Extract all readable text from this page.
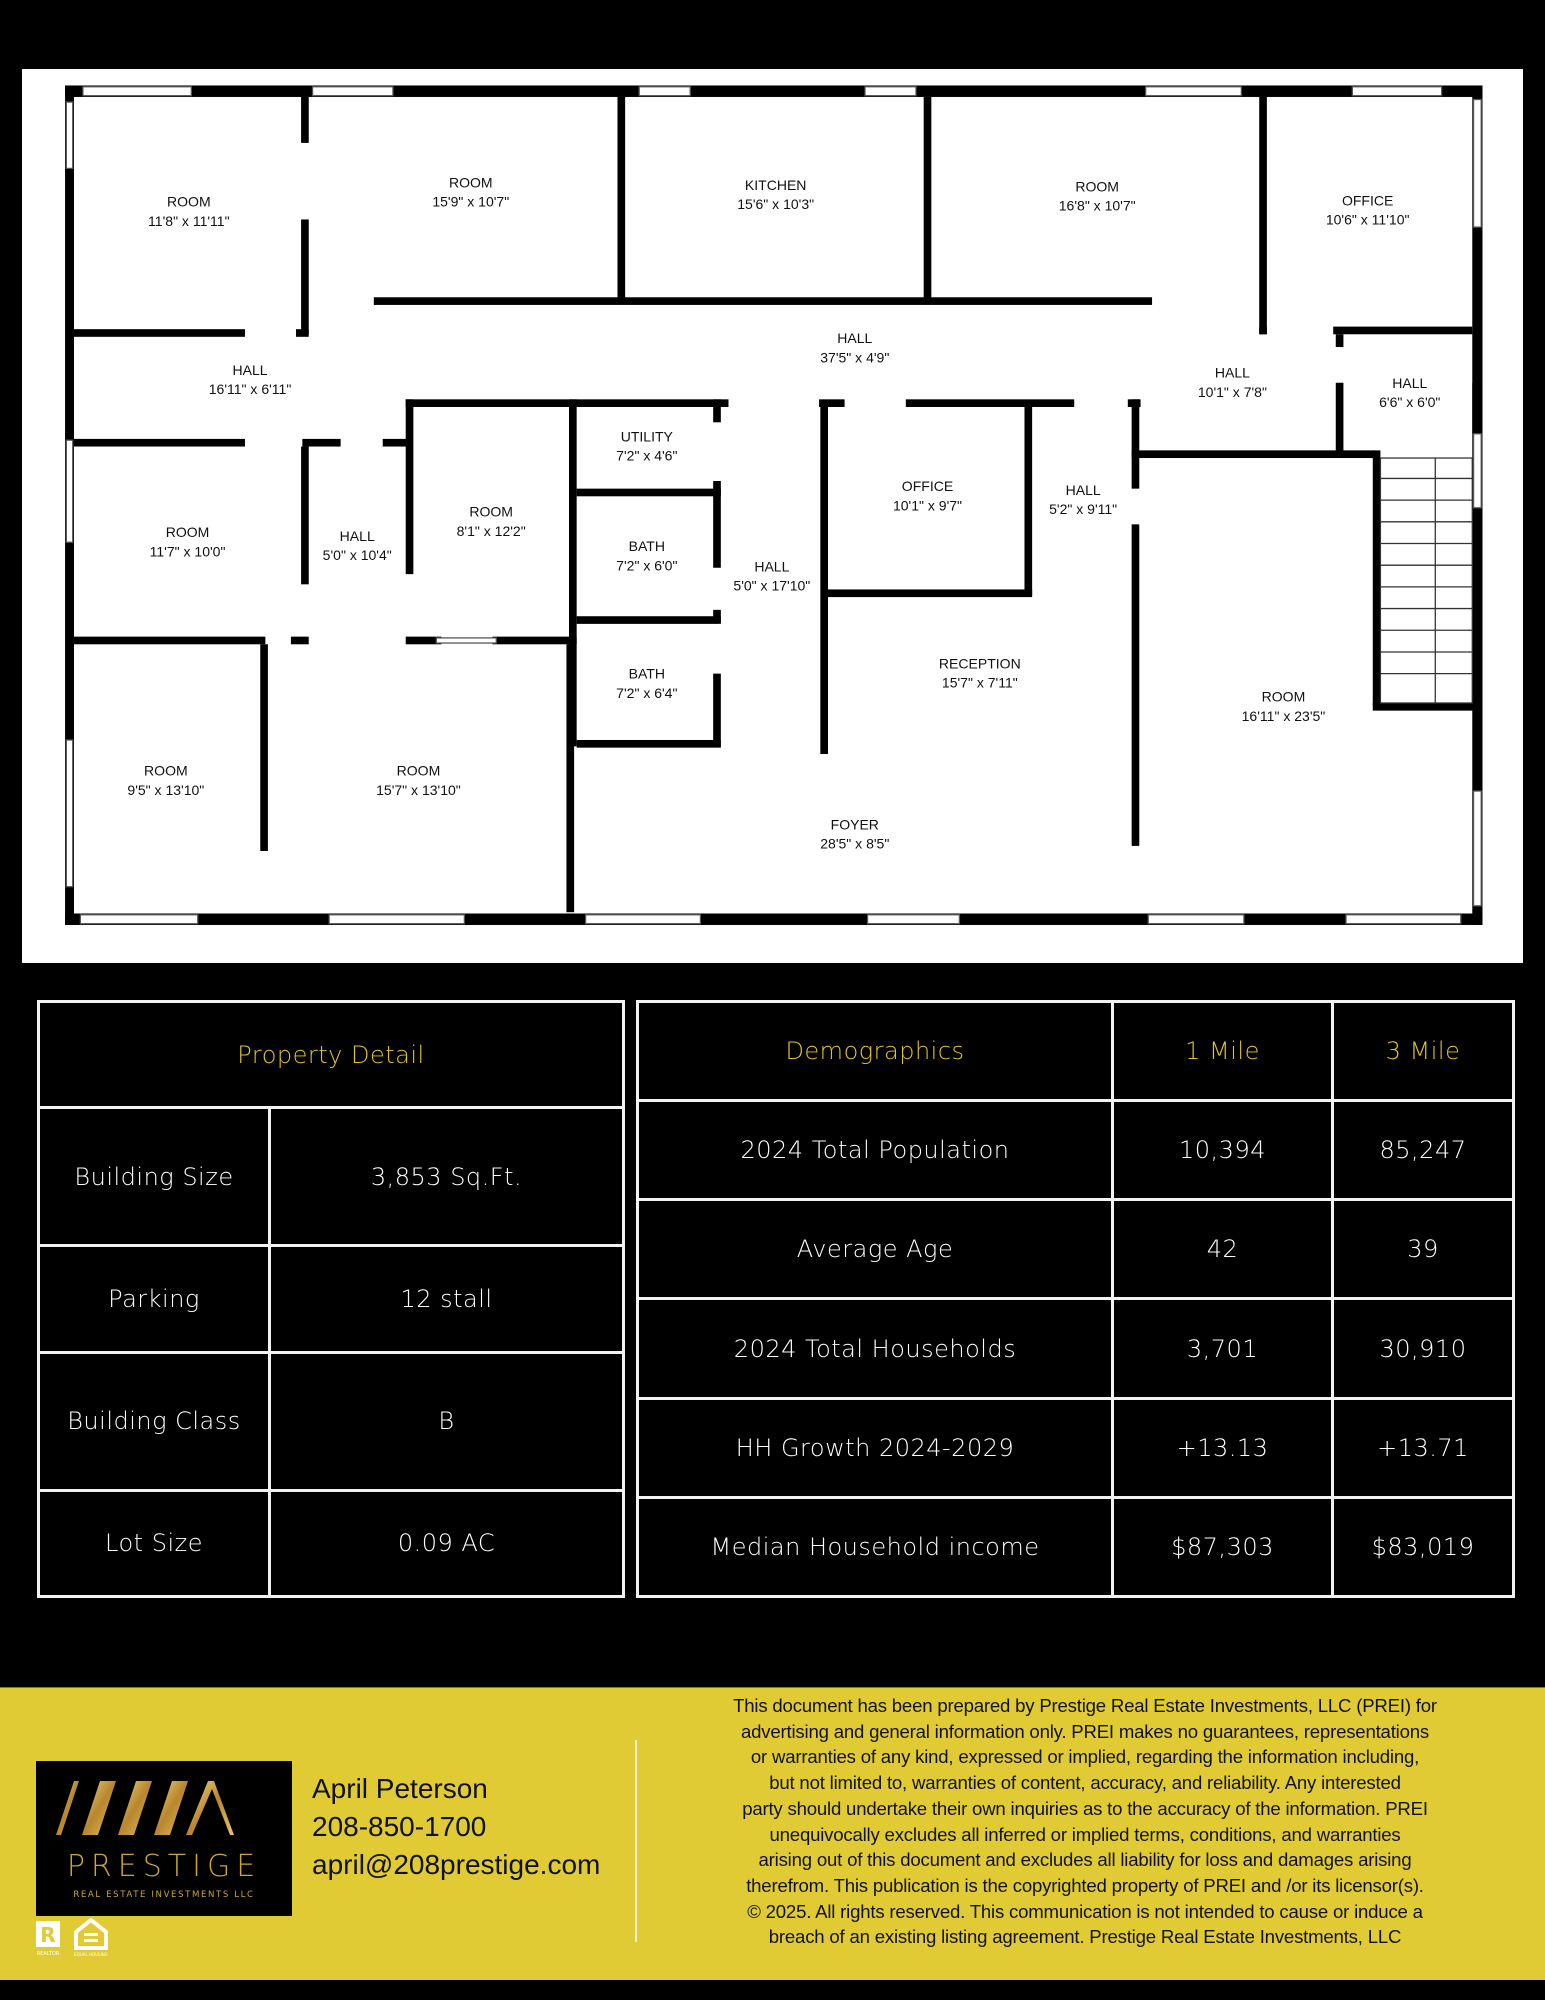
ROOM
11'8" x 11'11"
ROOM
15'9" x 10'7"
KITCHEN
15'6" x 10'3"
ROOM
16'8" x 10'7"	OFFICE
10'6" x 11'10"
HALL
37'5" x 4'9"
HALL
16'11" x 6'11"
HALL
10'1" x 7'8"
HALL
6'6" x 6'0"
UTILITY
7'2" x 4'6"
OFFICE
10'1" x 9'7"
HALL
5'2" x 9'11"
ROOM
8'1" x 12'2"
ROOM
11'7" x 10'0"
HALL
5'0" x 10'4"
BATH
7'2" x 6'0"	HALL
5'0" x 17'10"
RECEPTION
15'7" x 7'11"
BATH
7'2" x 6'4"	ROOM
16'11" x 23'5"
ROOM
9'5" x 13'10"
ROOM
15'7" x 13'10"
FOYER
28'5" x 8'5"
Property Detail	
Building Size	3,853 Sq.Ft.
Parking	12 stall
Building Class	B
Lot Size	0.09 AC
Demographics	1 Mile	3 Mile
2024 Total Population	10,394	85,247
Average Age	42	39
2024 Total Households	3,701	30,910
HH Growth 2024-2029	+13.13	+13.71
Median Household income	$87,303	$83,019
PRESTIGE
REAL ESTATE INVESTMENTS LLC
R
REALTOR	EQUAL HOUSING
April Peterson
208-850-1700
april@208prestige.com
This document has been prepared by Prestige Real Estate Investments, LLC (PREI) for
advertising and general information only. PREI makes no guarantees, representations
or warranties of any kind, expressed or implied, regarding the information including,
but not limited to, warranties of content, accuracy, and reliability. Any interested
party should undertake their own inquiries as to the accuracy of the information. PREI
unequivocally excludes all inferred or implied terms, conditions, and warranties
arising out of this document and excludes all liability for loss and damages arising
therefrom. This publication is the copyrighted property of PREI and /or its licensor(s).
© 2025. All rights reserved. This communication is not intended to cause or induce a
breach of an existing listing agreement. Prestige Real Estate Investments, LLC
